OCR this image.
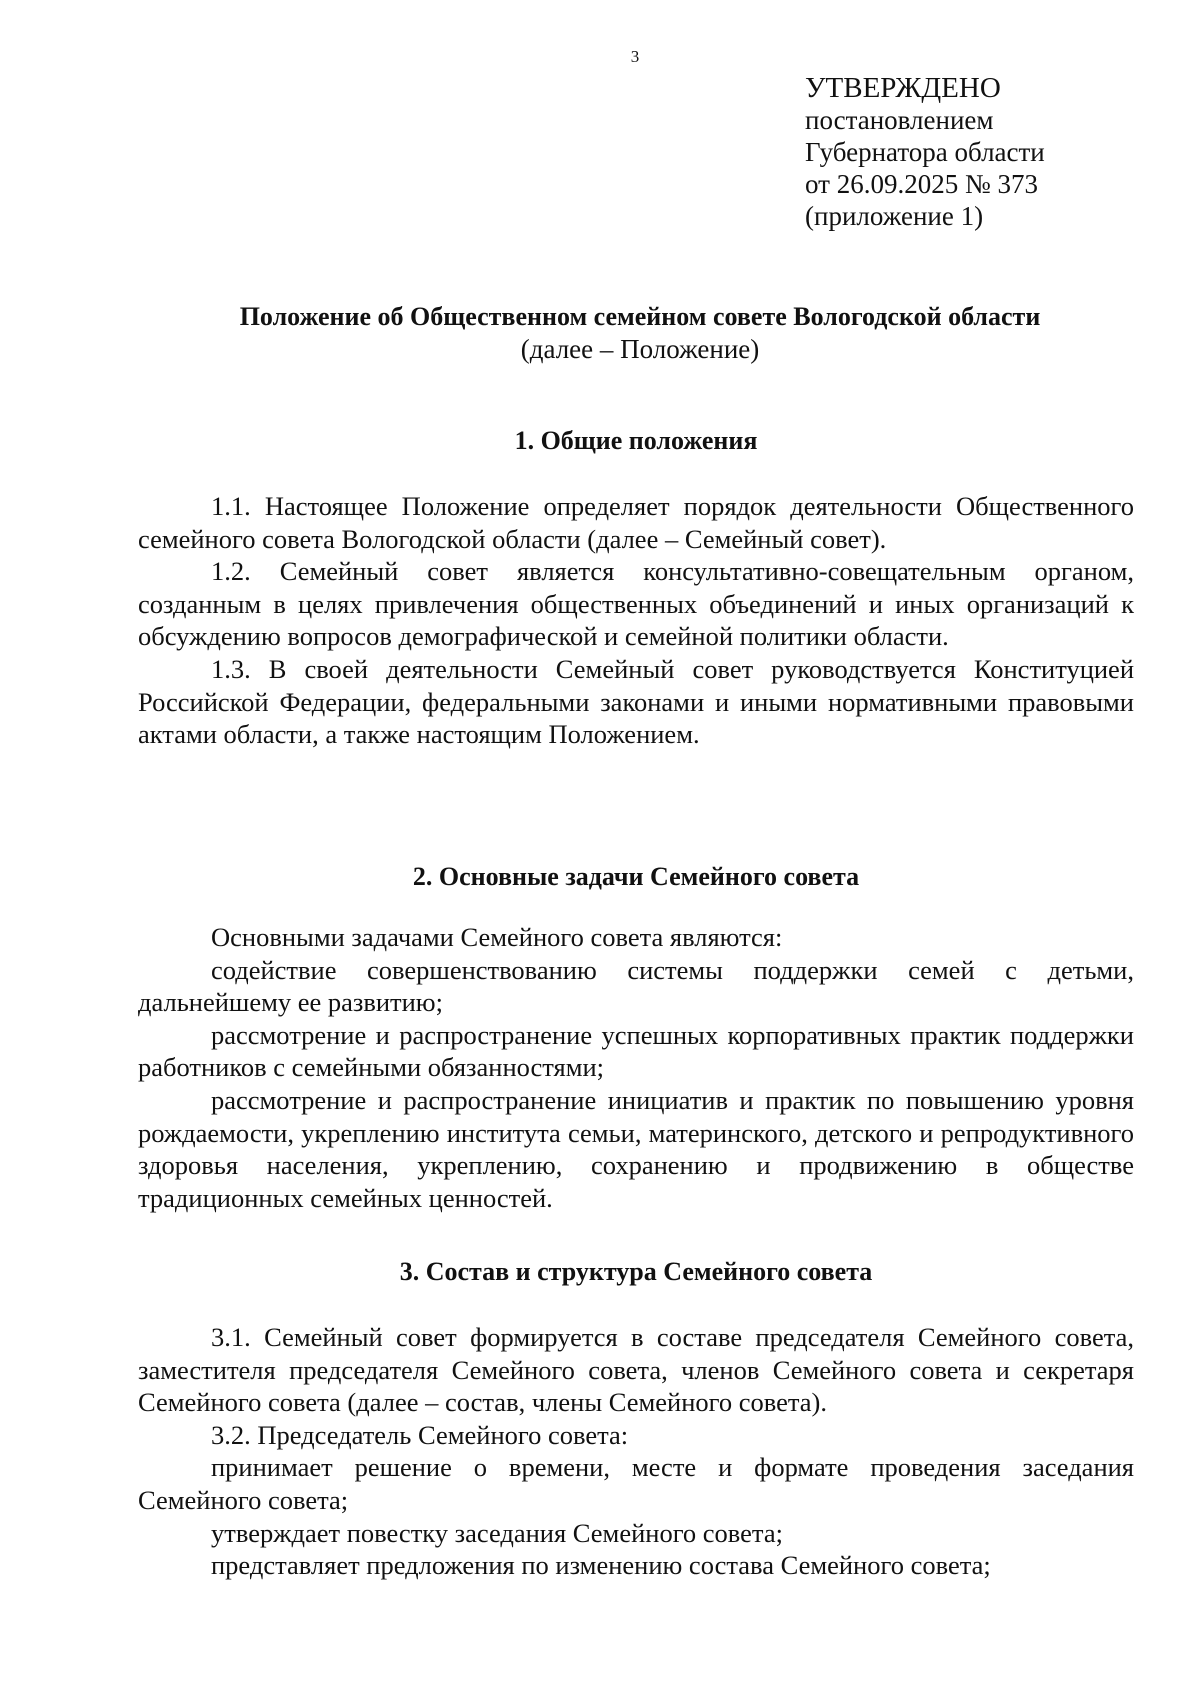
3
УТВЕРЖДЕНО
постановлением
Губернатора области
от 26.09.2025 № 373
(приложение 1)
Положение об Общественном семейном совете Вологодской области
(далее – Положение)
1. Общие положения

1.1. Настоящее Положение определяет порядок деятельности Общественного семейного совета Вологодской области (далее – Семейный совет).

1.2. Семейный совет является консультативно-совещательным органом, созданным в целях привлечения общественных объединений и иных организаций к обсуждению вопросов демографической и семейной политики области.

1.3. В своей деятельности Семейный совет руководствуется Конституцией Российской Федерации, федеральными законами и иными нормативными правовыми актами области, а также настоящим Положением.

2. Основные задачи Семейного совета

Основными задачами Семейного совета являются:

содействие совершенствованию системы поддержки семей с детьми, дальнейшему ее развитию;

рассмотрение и распространение успешных корпоративных практик поддержки работников с семейными обязанностями;

рассмотрение и распространение инициатив и практик по повышению уровня рождаемости, укреплению института семьи, материнского, детского и репродуктивного здоровья населения, укреплению, сохранению и продвижению в обществе традиционных семейных ценностей.

3. Состав и структура Семейного совета

3.1. Семейный совет формируется в составе председателя Семейного совета, заместителя председателя Семейного совета, членов Семейного совета и секретаря Семейного совета (далее – состав, члены Семейного совета).

3.2. Председатель Семейного совета:

принимает решение о времени, месте и формате проведения заседания Семейного совета;

утверждает повестку заседания Семейного совета;

представляет предложения по изменению состава Семейного совета;
